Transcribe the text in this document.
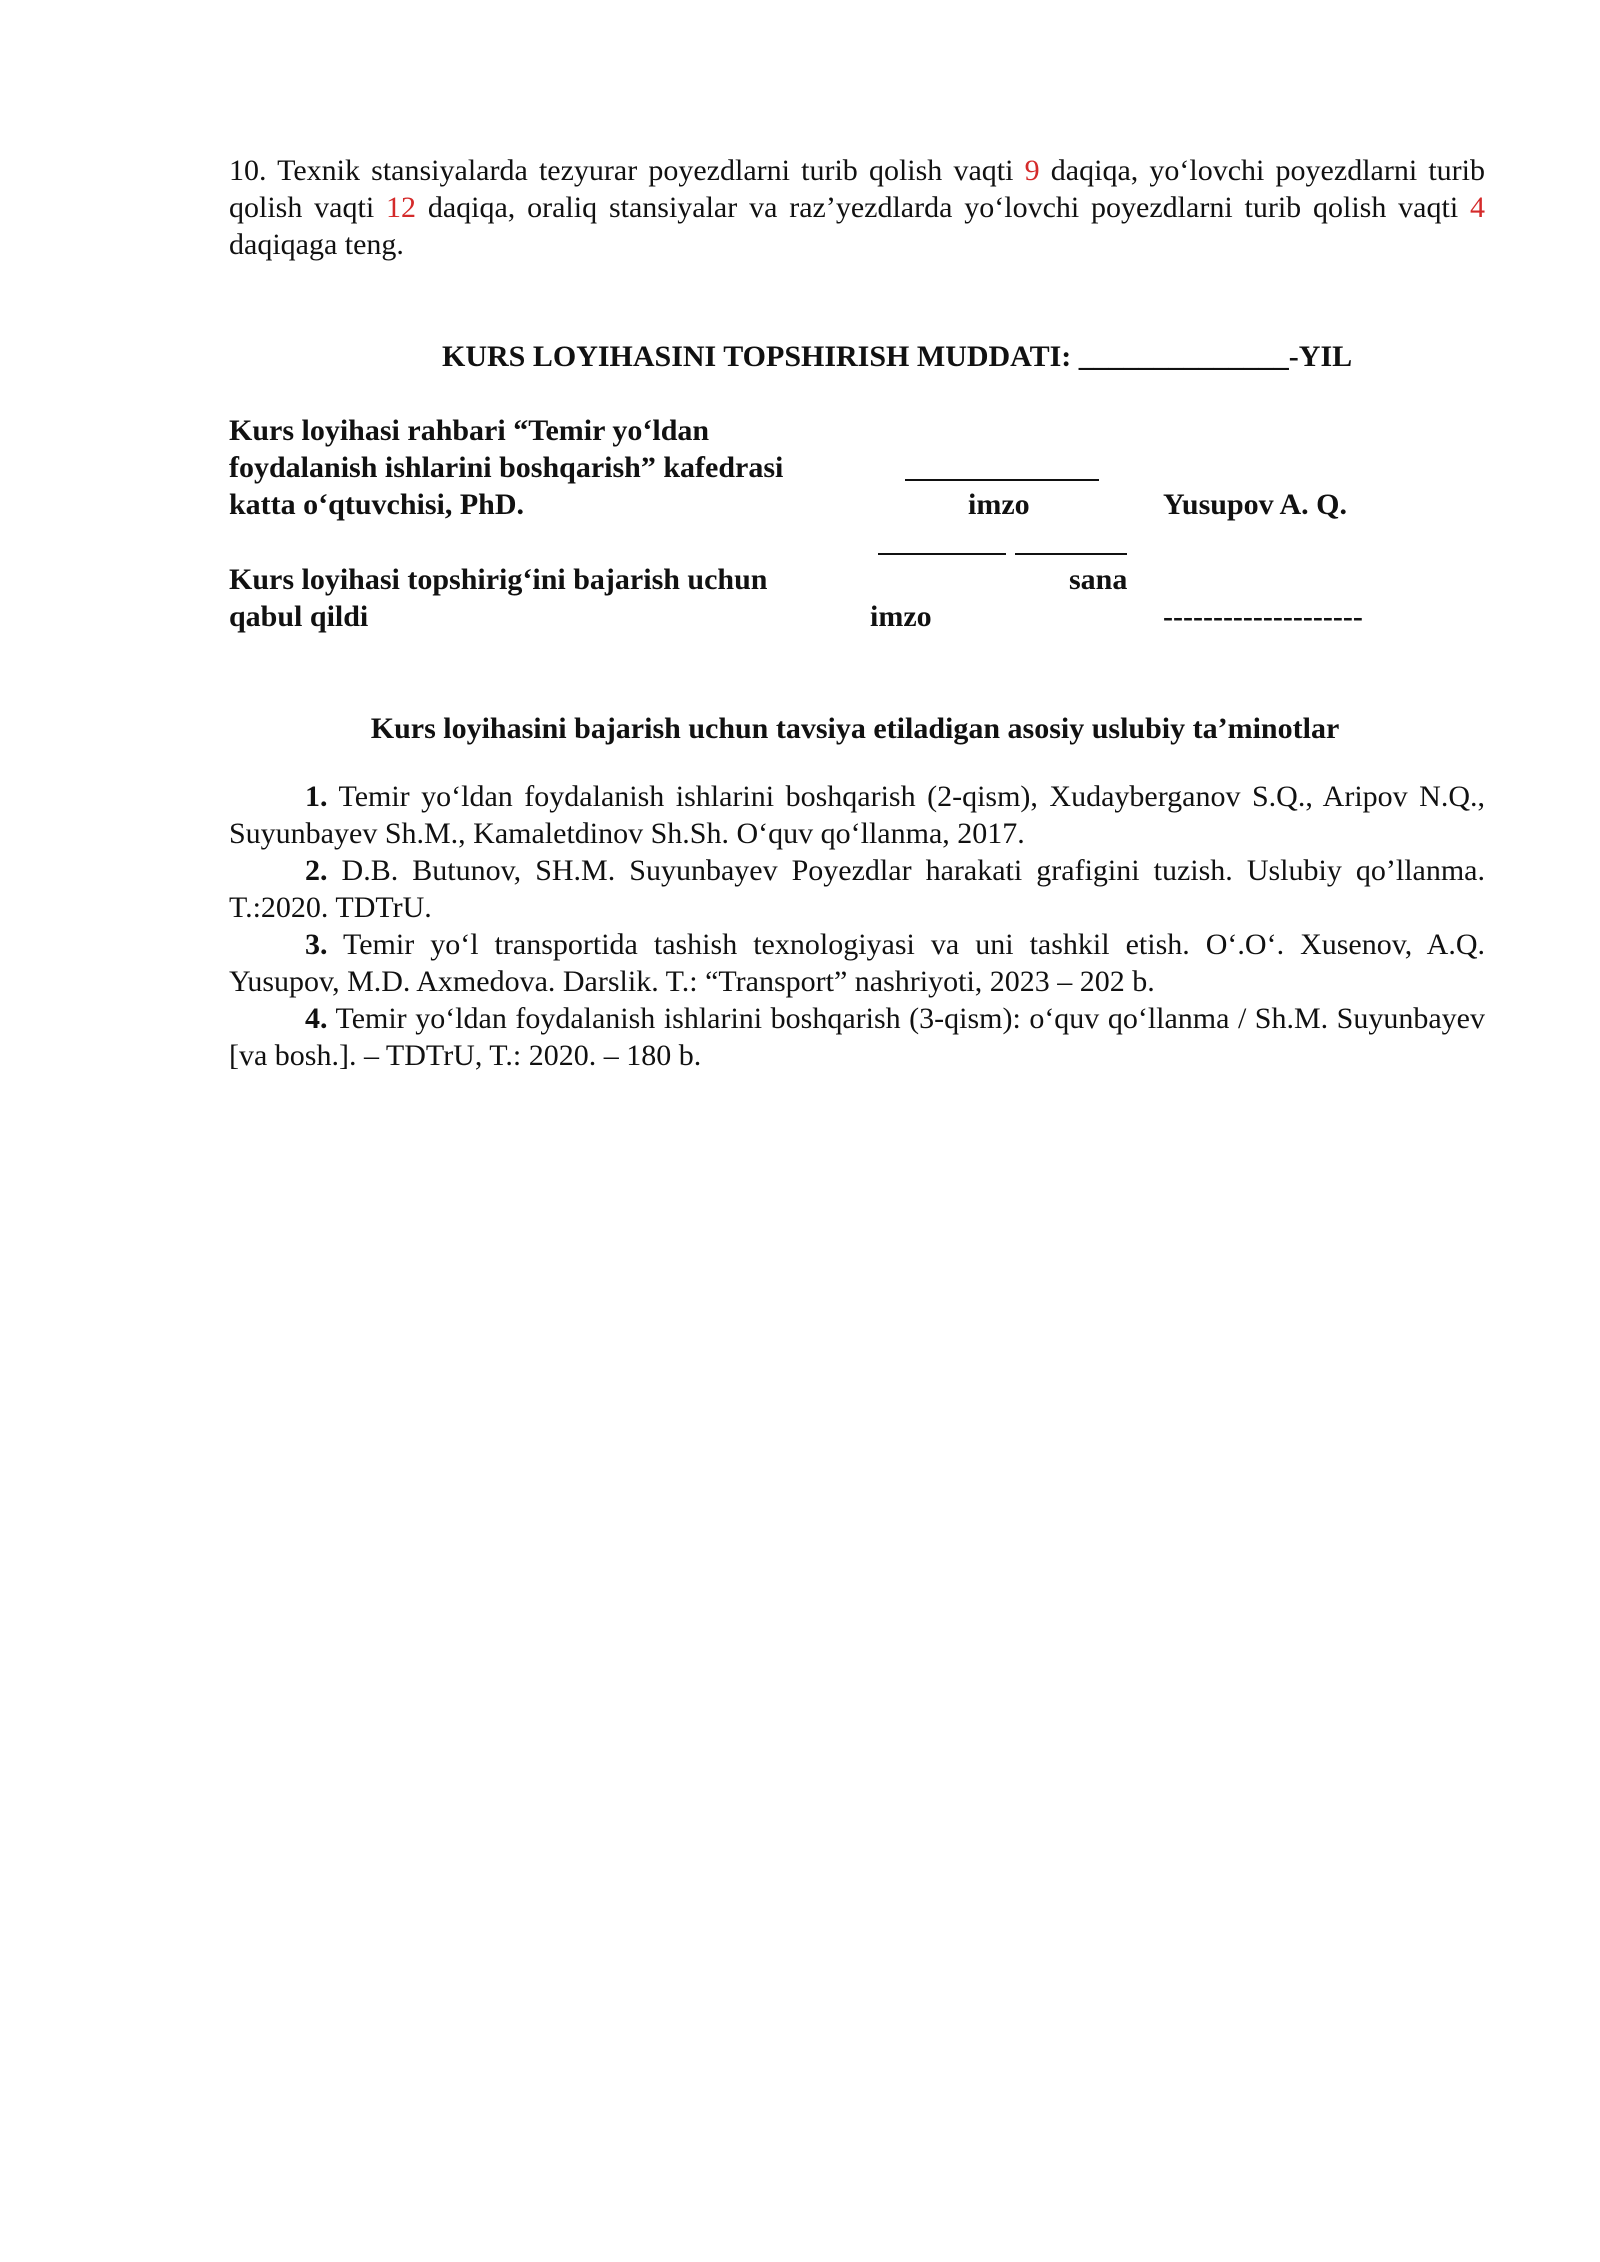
10. Texnik stansiyalarda tezyurar poyezdlarni turib qolish vaqti 9 daqiqa, yo‘lovchi poyezdlarni turib qolish vaqti 12 daqiqa, oraliq stansiyalar va raz’yezdlarda yo‘lovchi poyezdlarni turib qolish vaqti 4 daqiqaga teng.

KURS LOYIHASINI TOPSHIRISH MUDDATI: ______________-YIL
Kurs loyihasi rahbari “Temir yo‘ldan
foydalanish ishlarini boshqarish” kafedrasi
katta o‘qtuvchisi, PhD.	imzo	Yusupov A. Q.
Kurs loyihasi topshirig‘ini bajarish uchun	sana
qabul qildi	imzo	--------------------
Kurs loyihasini bajarish uchun tavsiya etiladigan asosiy uslubiy ta’minotlar

1. Temir yo‘ldan foydalanish ishlarini boshqarish (2-qism), Xudayberganov S.Q., Aripov N.Q., Suyunbayev Sh.M., Kamaletdinov Sh.Sh. O‘quv qo‘llanma, 2017.

2. D.B. Butunov, SH.M. Suyunbayev Poyezdlar harakati grafigini tuzish. Uslubiy qo’llanma. T.:2020. TDTrU.

3. Temir yo‘l transportida tashish texnologiyasi va uni tashkil etish. O‘.O‘. Xusenov, A.Q. Yusupov, M.D. Axmedova. Darslik. T.: “Transport” nashriyoti, 2023 – 202 b.

4. Temir yo‘ldan foydalanish ishlarini boshqarish (3-qism): o‘quv qo‘llanma / Sh.M. Suyunbayev [va bosh.]. – TDTrU, T.: 2020. – 180 b.
